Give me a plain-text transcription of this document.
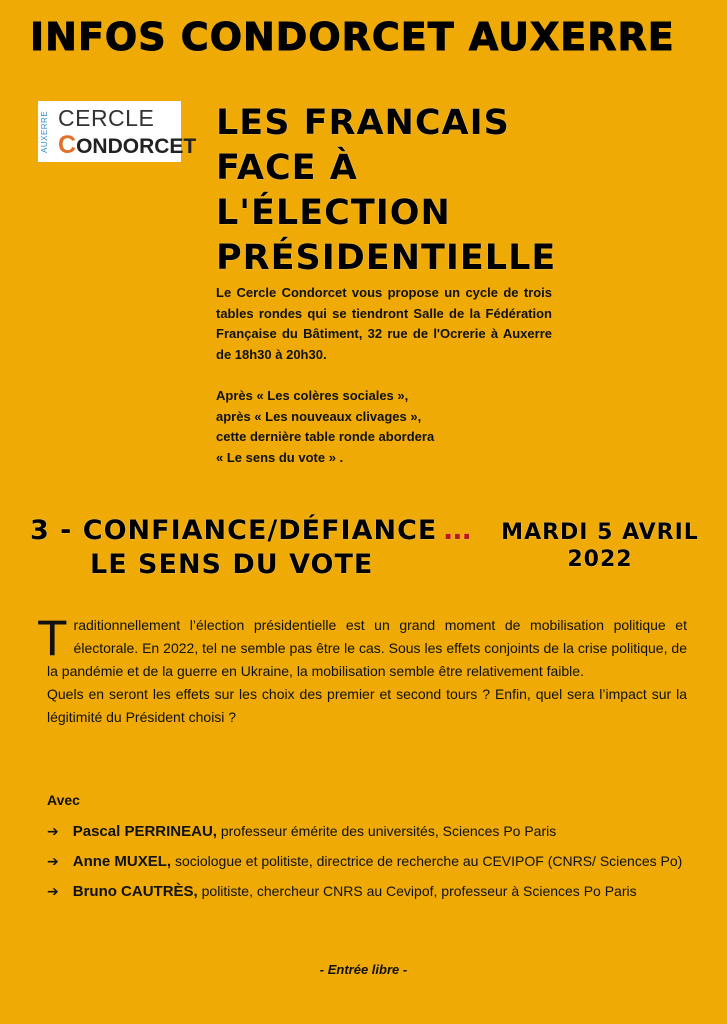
INFOS CONDORCET AUXERRE
AUXERRE CERCLE
CONDORCET
LES FRANCAIS
FACE À
L'ÉLECTION
PRÉSIDENTIELLE

Le Cercle Condorcet vous propose un cycle de trois tables rondes qui se tiendront Salle de la Fédération Française du Bâtiment, 32 rue de l'Ocrerie à Auxerre de 18h30 à 20h30.

Après « Les colères sociales »,

après « Les nouveaux clivages »,

cette dernière table ronde abordera

« Le sens du vote » .

3 - CONFIANCE/DÉFIANCE …
LE SENS DU VOTE
MARDI 5 AVRIL
2022

Traditionnellement l’élection présidentielle est un grand moment de mobilisation politique et électorale. En 2022, tel ne semble pas être le cas. Sous les effets conjoints de la crise politique, de la pandémie et de la guerre en Ukraine, la mobilisation semble être relativement faible.

Quels en seront les effets sur les choix des premier et second tours ? Enfin, quel sera l’impact sur la légitimité du Président choisi ?

Avec
➔ Pascal PERRINEAU, professeur émérite des universités, Sciences Po Paris
➔ Anne MUXEL, sociologue et politiste, directrice de recherche au CEVIPOF (CNRS/ Sciences Po)
➔ Bruno CAUTRÈS, politiste, chercheur CNRS au Cevipof, professeur à Sciences Po Paris
- Entrée libre -
